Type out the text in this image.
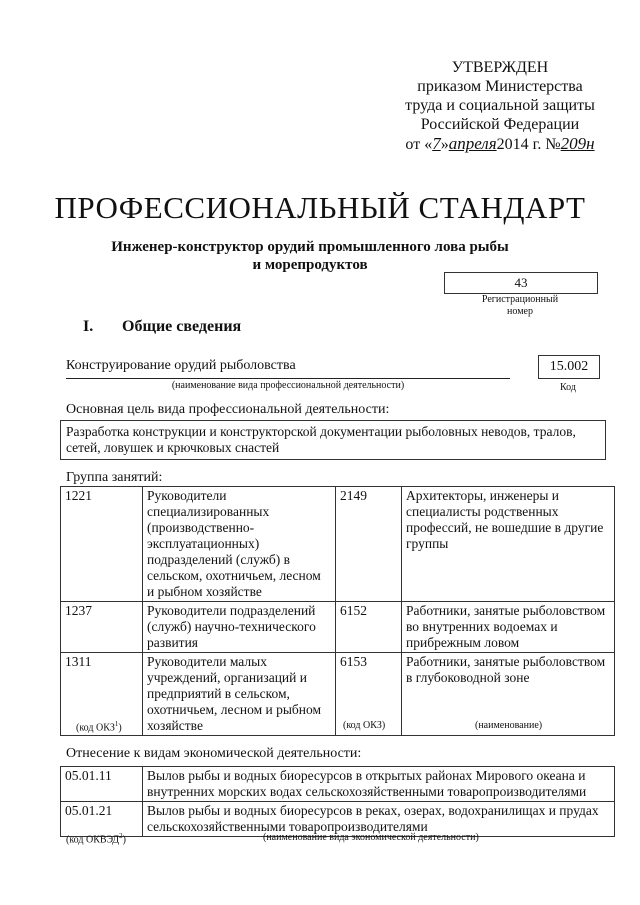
УТВЕРЖДЕН
приказом Министерства
труда и социальной защиты
Российской Федерации
от «7»апреля2014 г. №209н
ПРОФЕССИОНАЛЬНЫЙ СТАНДАРТ
Инженер-конструктор орудий промышленного лова рыбы
и морепродуктов
43
Регистрационный
номер
I. Общие сведения
Конструирование орудий рыболовства
(наименование вида профессиональной деятельности)
15.002
Код
Основная цель вида профессиональной деятельности:
Разработка конструкции и конструкторской документации рыболовных неводов, тралов, сетей, ловушек и крючковых снастей
Группа занятий:
1221	Руководители специализированных (производственно-эксплуатационных) подразделений (служб) в сельском, охотничьем, лесном и рыбном хозяйстве	2149	Архитекторы, инженеры и специалисты родственных профессий, не вошедшие в другие группы
1237	Руководители подразделений (служб) научно-технического развития	6152	Работники, занятые рыболовством во внутренних водоемах и прибрежным ловом
1311	Руководители малых учреждений, организаций и предприятий в сельском, охотничьем, лесном и рыбном хозяйстве	6153	Работники, занятые рыболовством в глубоководной зоне
(код ОКЗ$^1$)	(код ОКЗ)	(наименование)
Отнесение к видам экономической деятельности:
05.01.11	Вылов рыбы и водных биоресурсов в открытых районах Мирового океана и внутренних морских водах сельскохозяйственными товаропроизводителями
05.01.21	Вылов рыбы и водных биоресурсов в реках, озерах, водохранилищах и прудах сельскохозяйственными товаропроизводителями
(код ОКВЭД$^2$)	(наименование вида экономической деятельности)
